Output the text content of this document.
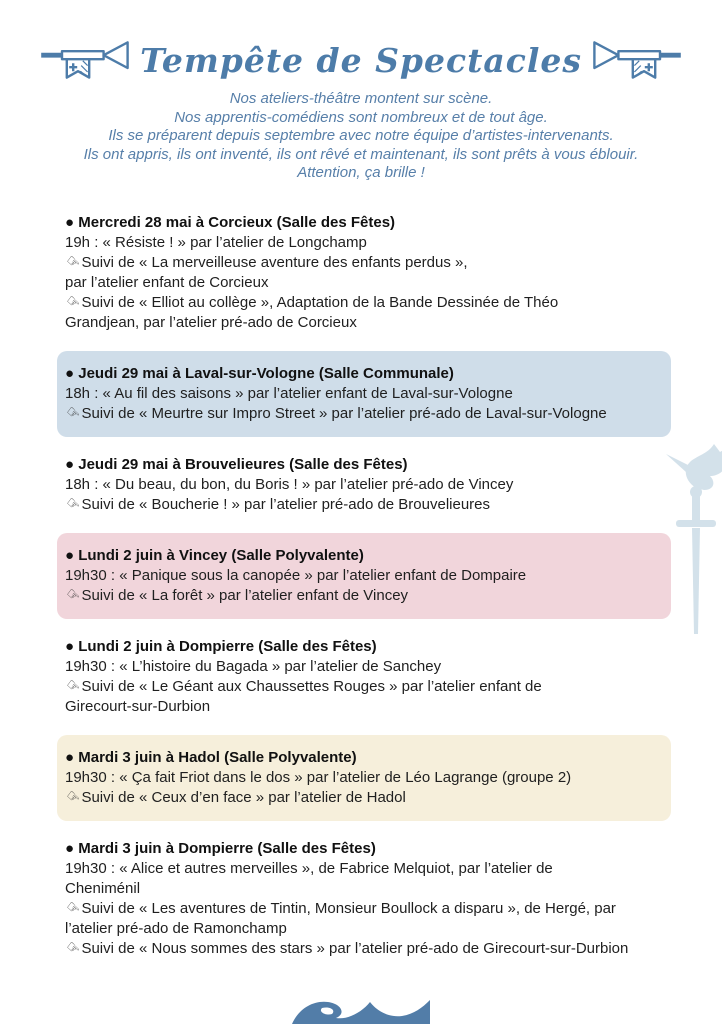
Tempête de Spectacles
Nos ateliers-théâtre montent sur scène.
Nos apprentis-comédiens sont nombreux et de tout âge.
Ils se préparent depuis septembre avec notre équipe d’artistes-intervenants.
Ils ont appris, ils ont inventé, ils ont rêvé et maintenant, ils sont prêts à vous éblouir.
Attention, ça brille !
● Mercredi 28 mai à Corcieux (Salle des Fêtes)

19h : « Résiste ! » par l’atelier de Longchamp

☞Suivi de « La merveilleuse aventure des enfants perdus »,

par l’atelier enfant de Corcieux

☞Suivi de « Elliot au collège », Adaptation de la Bande Dessinée de Théo

Grandjean, par l’atelier pré-ado de Corcieux

● Jeudi 29 mai à Laval-sur-Vologne (Salle Communale)

18h : « Au fil des saisons » par l’atelier enfant de Laval-sur-Vologne

☞Suivi de « Meurtre sur Impro Street » par l’atelier pré-ado de Laval-sur-Vologne

● Jeudi 29 mai à Brouvelieures (Salle des Fêtes)

18h : « Du beau, du bon, du Boris ! » par l’atelier pré-ado de Vincey

☞Suivi de « Boucherie ! » par l’atelier pré-ado de Brouvelieures

● Lundi 2 juin à Vincey (Salle Polyvalente)

19h30 : « Panique sous la canopée » par l’atelier enfant de Dompaire

☞Suivi de « La forêt » par l’atelier enfant de Vincey

● Lundi 2 juin à Dompierre (Salle des Fêtes)

19h30 : « L’histoire du Bagada » par l’atelier de Sanchey

☞Suivi de « Le Géant aux Chaussettes Rouges » par l’atelier enfant de

Girecourt-sur-Durbion

● Mardi 3 juin à Hadol (Salle Polyvalente)

19h30 : « Ça fait Friot dans le dos » par l’atelier de Léo Lagrange (groupe 2)

☞Suivi de « Ceux d’en face » par l’atelier de Hadol

● Mardi 3 juin à Dompierre (Salle des Fêtes)

19h30 : « Alice et autres merveilles », de Fabrice Melquiot, par l’atelier de

Cheniménil

☞Suivi de « Les aventures de Tintin, Monsieur Boullock a disparu », de Hergé, par

l’atelier pré-ado de Ramonchamp

☞Suivi de « Nous sommes des stars » par l’atelier pré-ado de Girecourt-sur-Durbion
